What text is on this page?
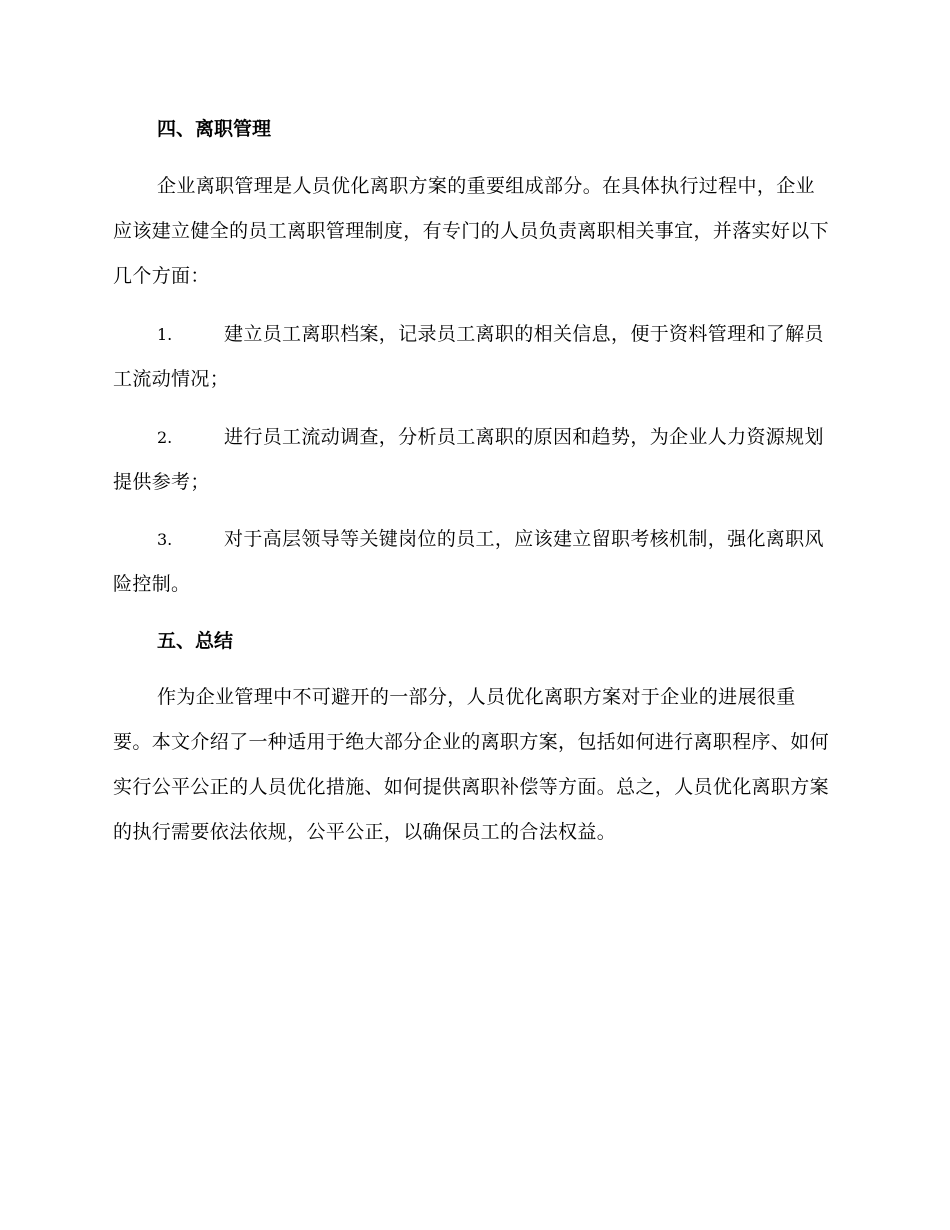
四、离职管理
企业离职管理是人员优化离职方案的重要组成部分。在具体执行过程中，企业应该建立健全的员工离职管理制度，有专门的人员负责离职相关事宜，并落实好以下几个方面：
1.	建立员工离职档案，记录员工离职的相关信息，便于资料管理和了解员工流动情况；
2.	进行员工流动调查，分析员工离职的原因和趋势，为企业人力资源规划提供参考；
3.	对于高层领导等关键岗位的员工，应该建立留职考核机制，强化离职风险控制。
五、总结
作为企业管理中不可避开的一部分，人员优化离职方案对于企业的进展很重要。本文介绍了一种适用于绝大部分企业的离职方案，包括如何进行离职程序、如何实行公平公正的人员优化措施、如何提供离职补偿等方面。总之，人员优化离职方案的执行需要依法依规，公平公正，以确保员工的合法权益。
